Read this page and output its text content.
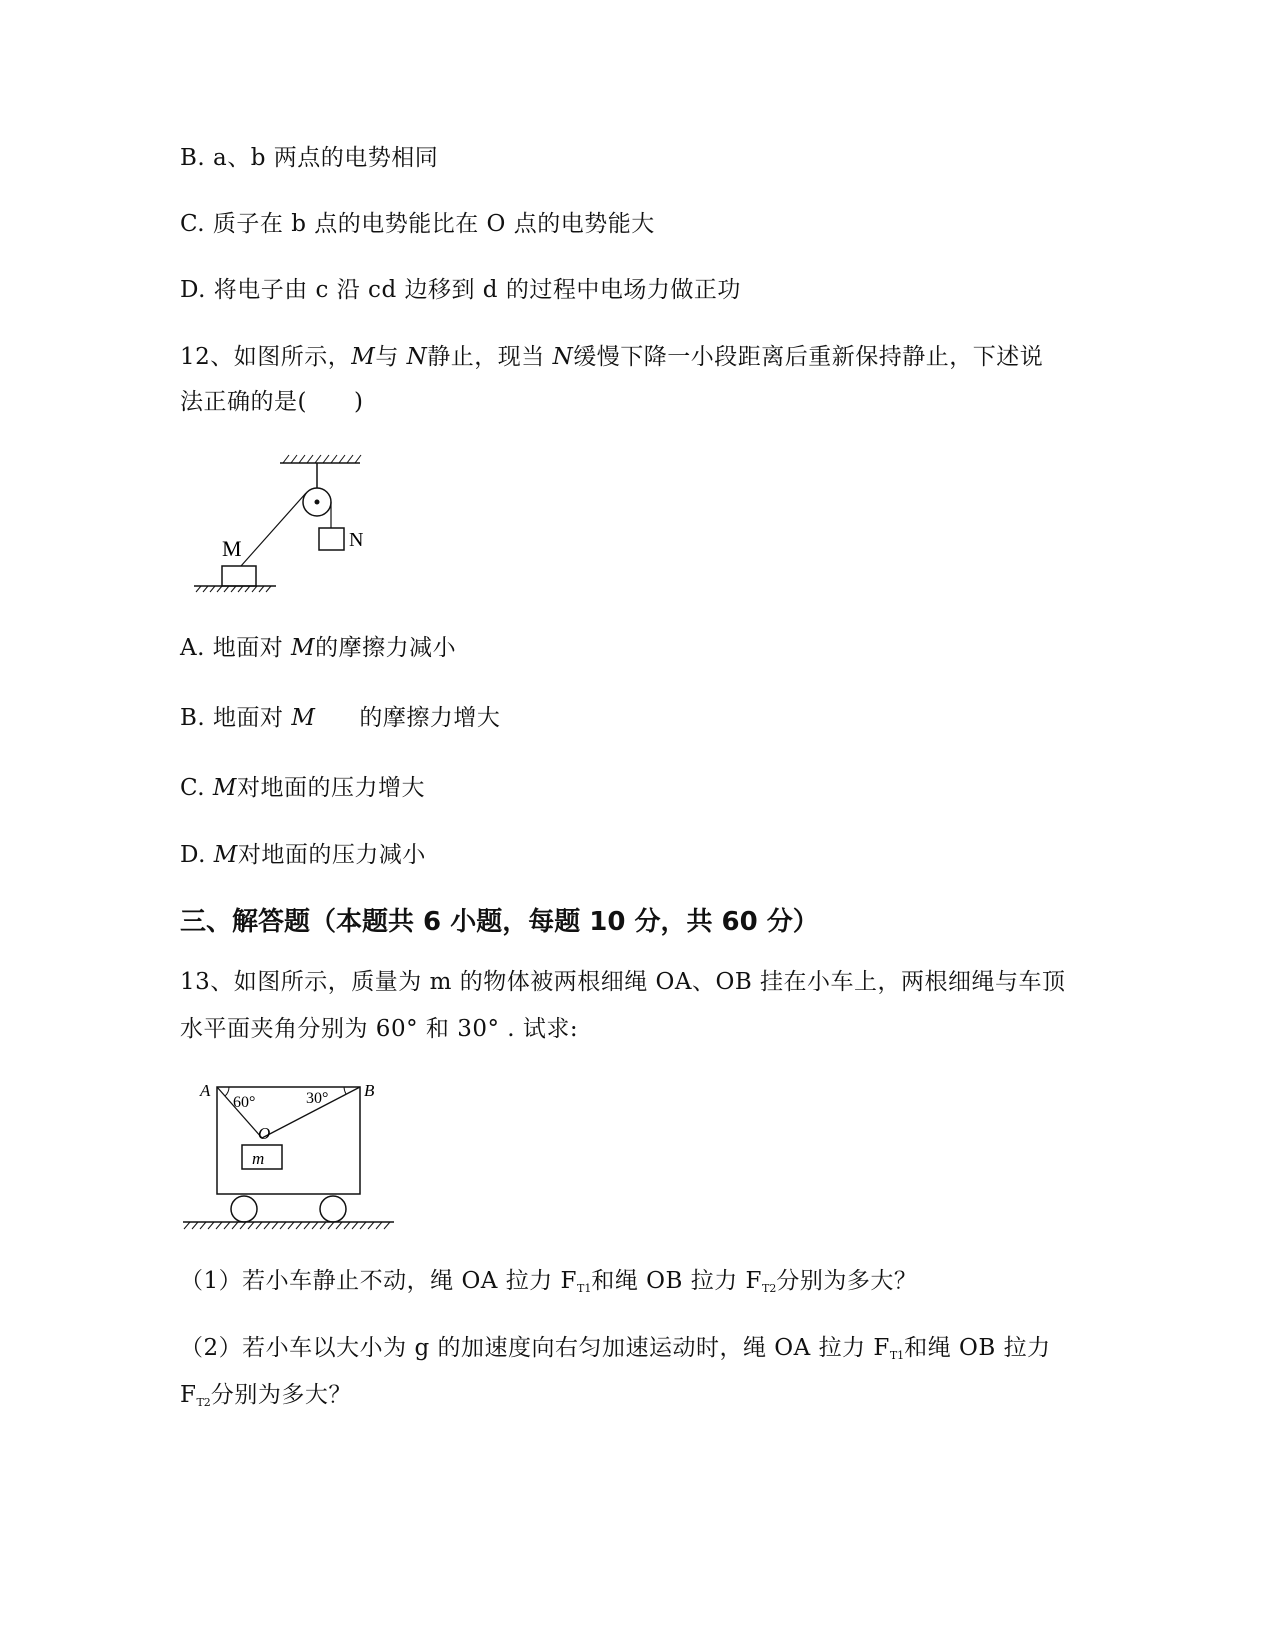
B. a、b 两点的电势相同
C. 质子在 b 点的电势能比在 O 点的电势能大
D. 将电子由 c 沿 cd 边移到 d 的过程中电场力做正功
12、如图所示，M与 N静止，现当 N缓慢下降一小段距离后重新保持静止，下述说
法正确的是(　　)
M	N
A. 地面对 M的摩擦力减小
B. 地面对 M 的摩擦力增大
C. M对地面的压力增大
D. M对地面的压力减小
三、解答题（本题共 6 小题，每题 10 分，共 60 分）
13、如图所示，质量为 m 的物体被两根细绳 OA、OB 挂在小车上，两根细绳与车顶
水平面夹角分别为 60° 和 30° . 试求:
A	B
O
m
60°	30°
（1）若小车静止不动，绳 OA 拉力 $F_{T1}$和绳 OB 拉力 $F_{T2}$分别为多大？
（2）若小车以大小为 g 的加速度向右匀加速运动时，绳 OA 拉力 $F_{T1}$和绳 OB 拉力
$F_{T2}$分别为多大？
